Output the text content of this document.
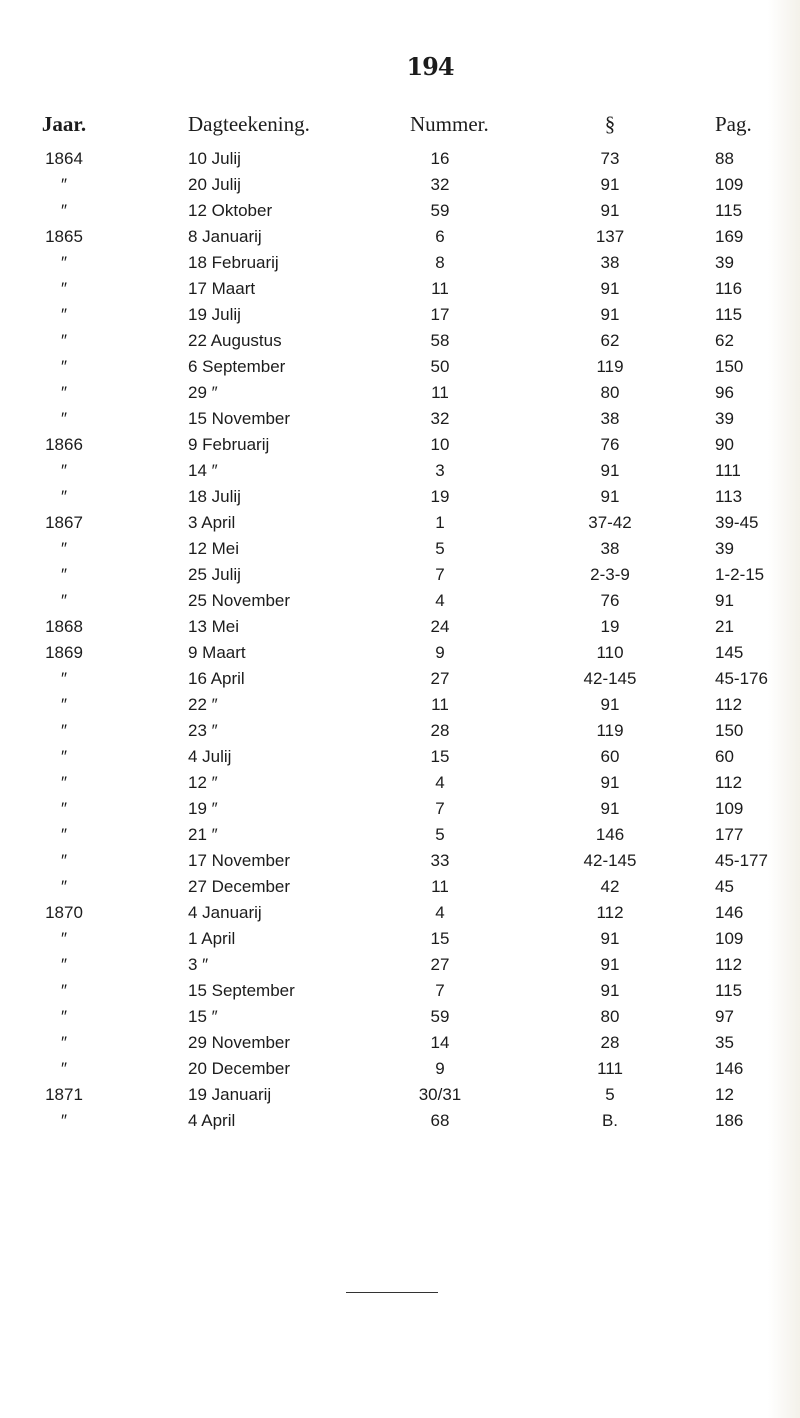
194
Jaar.	Dagteekening.	Nummer.	§	Pag.
1864	10 Julij	16	73	88
″	20 Julij	32	91	109
″	12 Oktober	59	91	115
1865	8 Januarij	6	137	169
″	18 Februarij	8	38	39
″	17 Maart	11	91	116
″	19 Julij	17	91	115
″	22 Augustus	58	62	62
″	6 September	50	119	150
″	29 ″	11	80	96
″	15 November	32	38	39
1866	9 Februarij	10	76	90
″	14 ″	3	91	111
″	18 Julij	19	91	113
1867	3 April	1	37-42	39-45
″	12 Mei	5	38	39
″	25 Julij	7	2-3-9	1-2-15
″	25 November	4	76	91
1868	13 Mei	24	19	21
1869	9 Maart	9	110	145
″	16 April	27	42-145	45-176
″	22 ″	11	91	112
″	23 ″	28	119	150
″	4 Julij	15	60	60
″	12 ″	4	91	112
″	19 ″	7	91	109
″	21 ″	5	146	177
″	17 November	33	42-145	45-177
″	27 December	11	42	45
1870	4 Januarij	4	112	146
″	1 April	15	91	109
″	3 ″	27	91	112
″	15 September	7	91	115
″	15 ″	59	80	97
″	29 November	14	28	35
″	20 December	9	111	146
1871	19 Januarij	30/31	5	12
″	4 April	68	B.	186
